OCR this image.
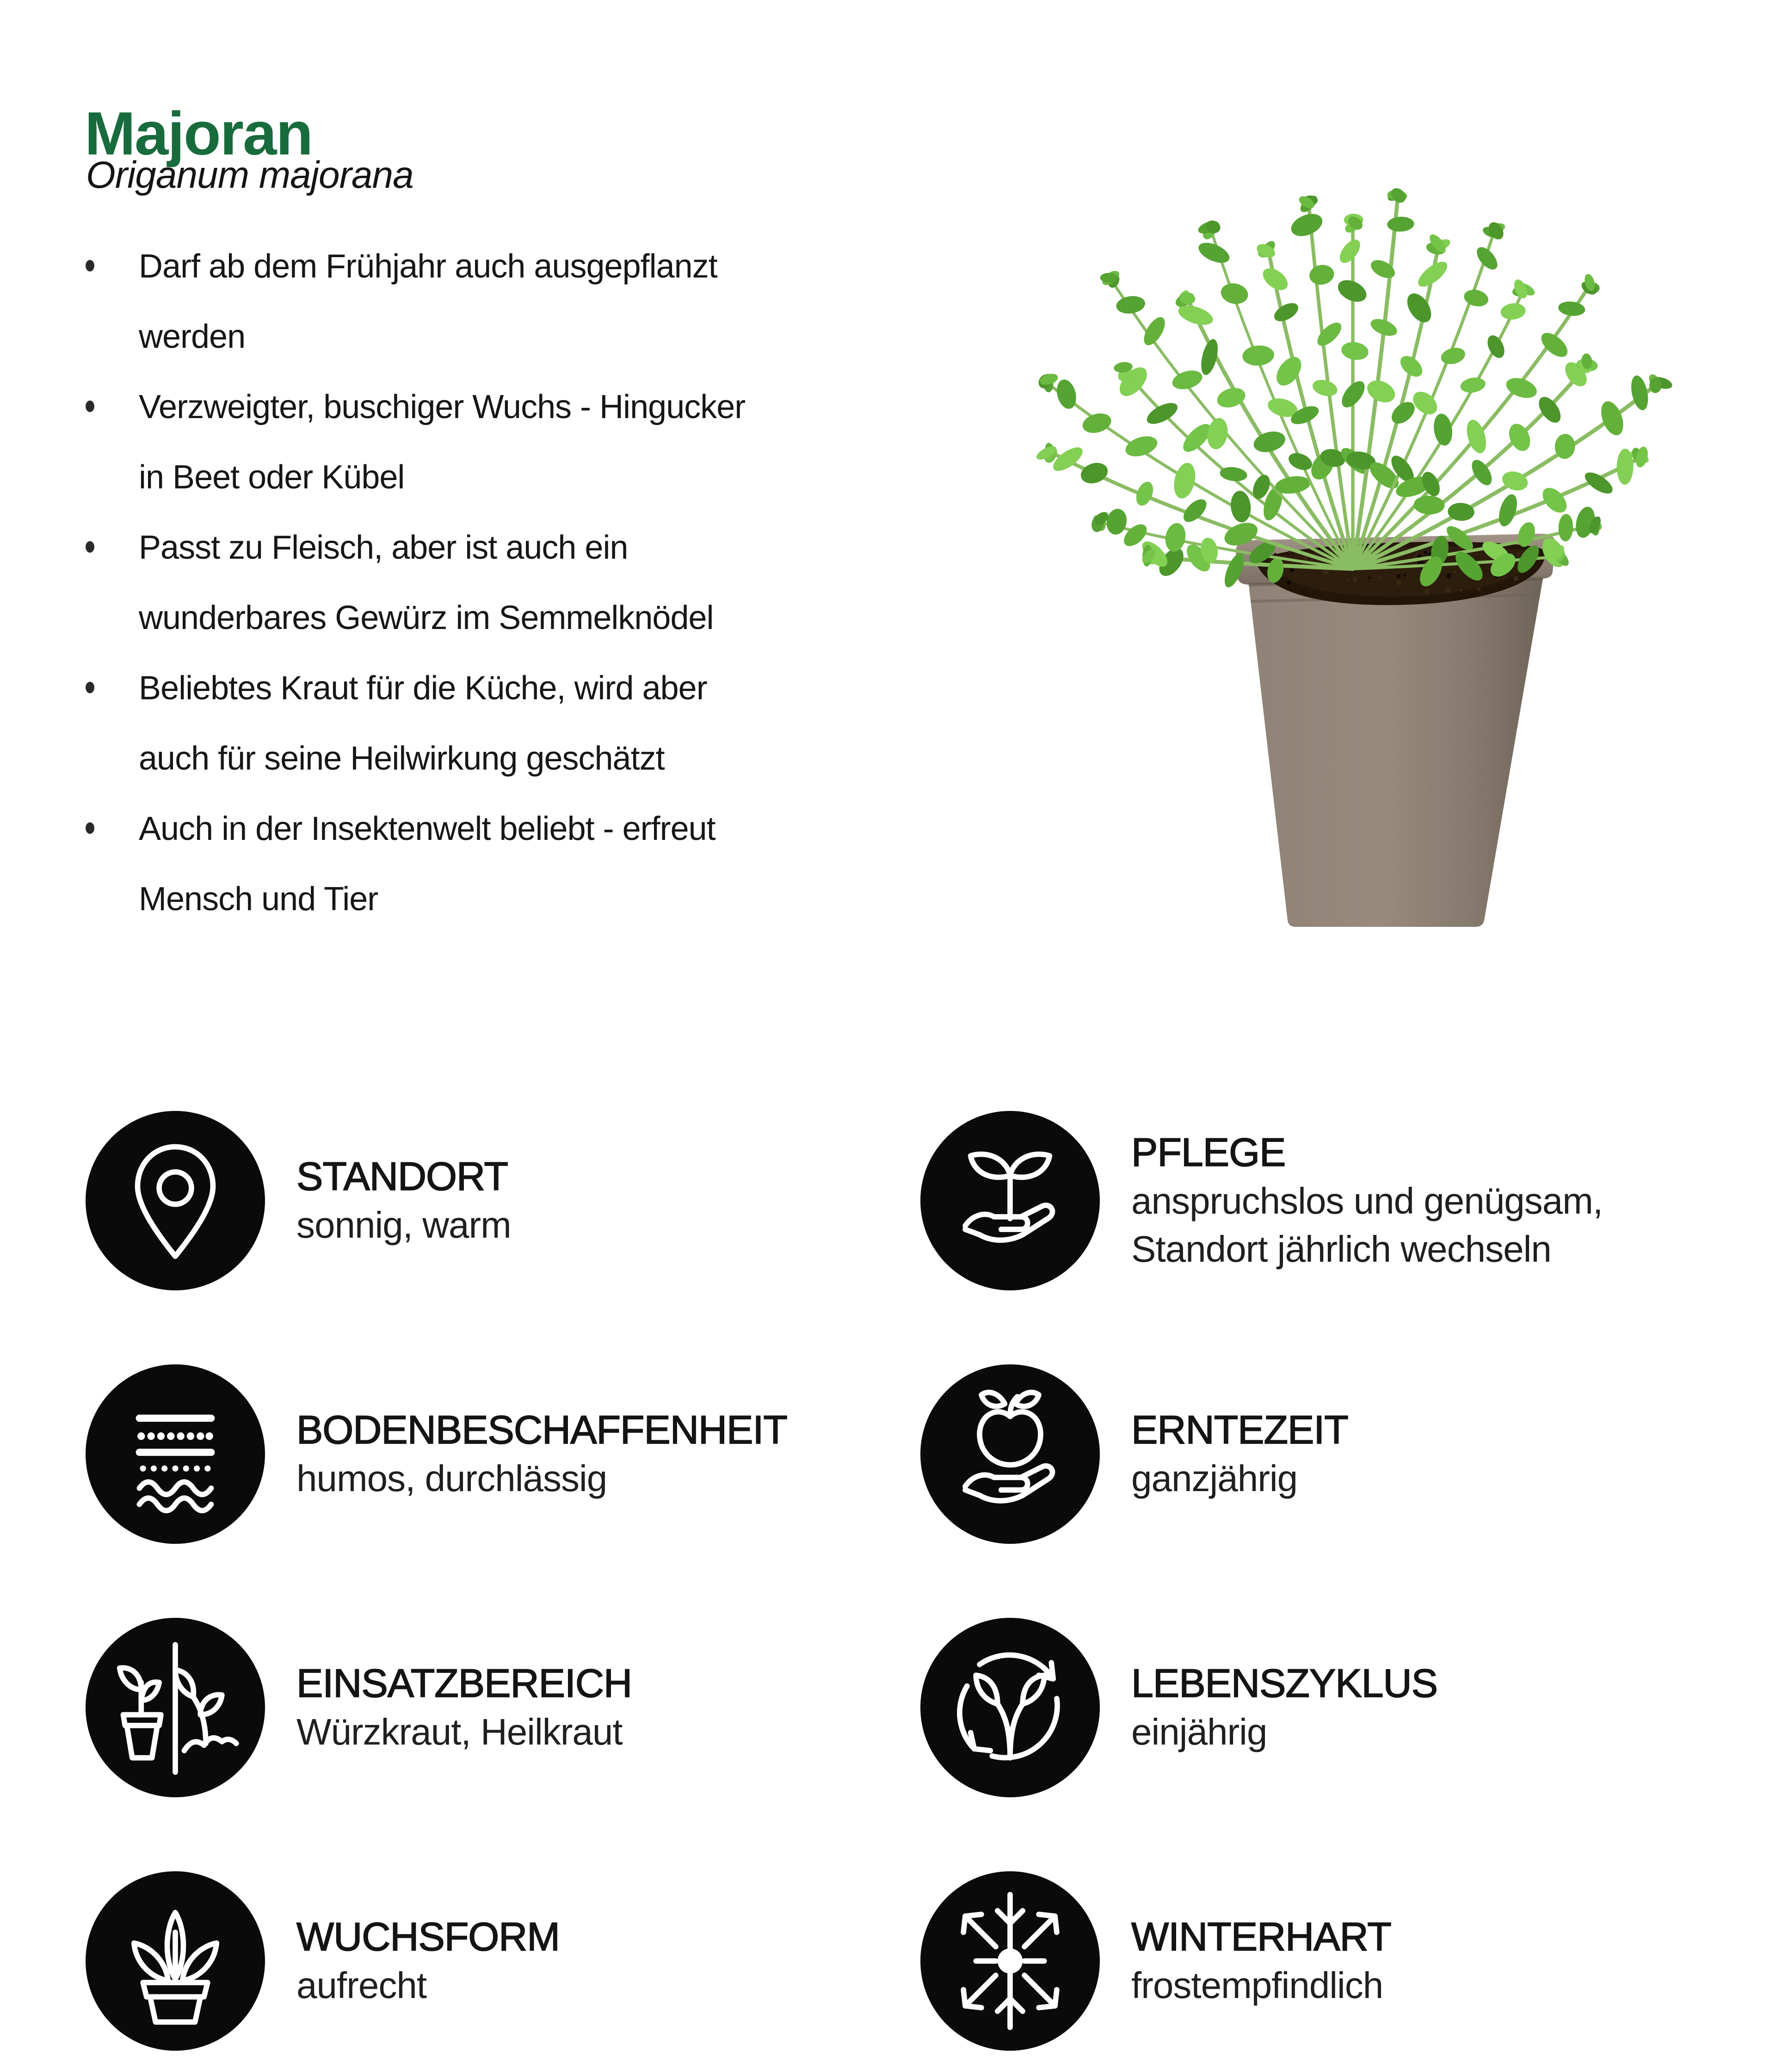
Majoran
Origanum majorana
Darf ab dem Frühjahr auch ausgepflanzt
werden
Verzweigter, buschiger Wuchs - Hingucker
in Beet oder Kübel
Passt zu Fleisch, aber ist auch ein
wunderbares Gewürz im Semmelknödel
Beliebtes Kraut für die Küche, wird aber
auch für seine Heilwirkung geschätzt
Auch in der Insektenwelt beliebt - erfreut
Mensch und Tier
STANDORT
sonnig, warm
PFLEGE
anspruchslos und genügsam,
Standort jährlich wechseln
BODENBESCHAFFENHEIT
humos, durchlässig
ERNTEZEIT
ganzjährig
EINSATZBEREICH
Würzkraut, Heilkraut
LEBENSZYKLUS
einjährig
WUCHSFORM
aufrecht
WINTERHART
frostempfindlich
